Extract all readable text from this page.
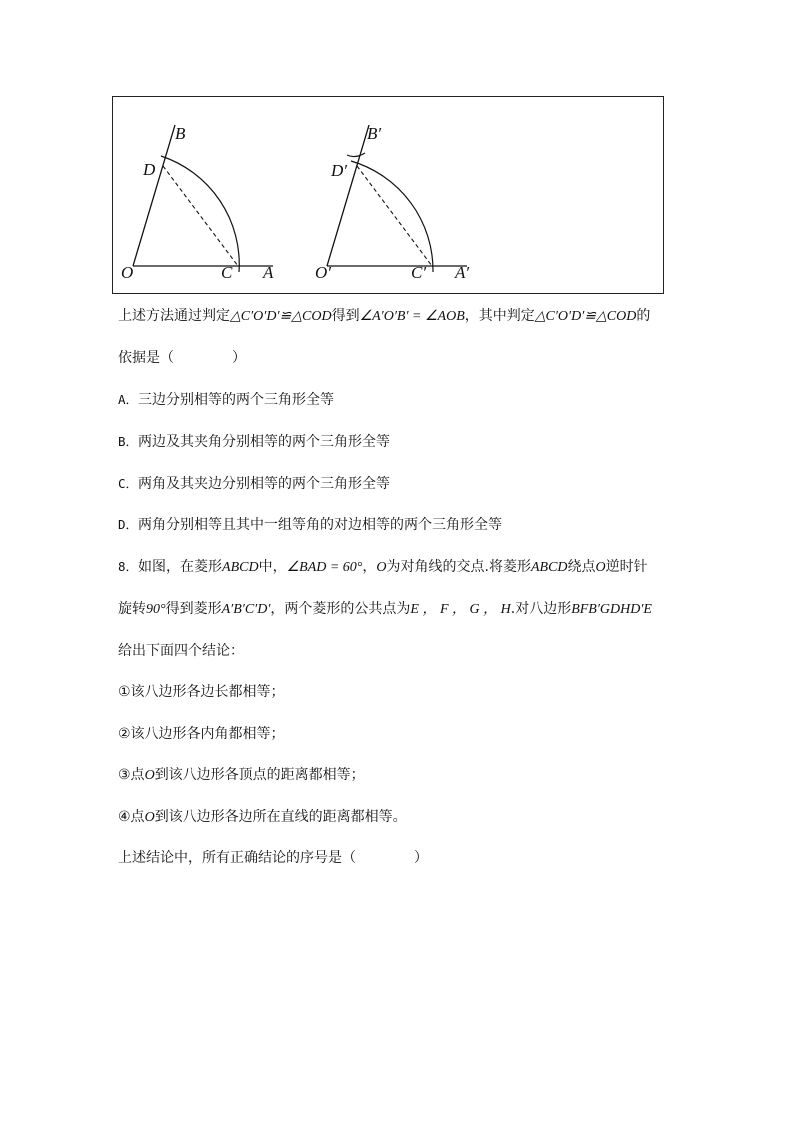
B
D
O	C A
B′
D′
O′	C′ A′
上述方法通过判定△C′O′D′≌△COD得到∠A′O′B′ = ∠AOB，其中判定△C′O′D′≌△COD的
依据是（	）
A．三边分别相等的两个三角形全等
B．两边及其夹角分别相等的两个三角形全等
C．两角及其夹边分别相等的两个三角形全等
D．两角分别相等且其中一组等角的对边相等的两个三角形全等
8．如图，在菱形ABCD中，∠BAD = 60°，O为对角线的交点.将菱形ABCD绕点O逆时针
旋转90°得到菱形A′B′C′D′，两个菱形的公共点为E ， F ， G ， H.对八边形BFB′GDHD′E
给出下面四个结论：
①该八边形各边长都相等；
②该八边形各内角都相等；
③点O到该八边形各顶点的距离都相等；
④点O到该八边形各边所在直线的距离都相等。
上述结论中，所有正确结论的序号是（	）
